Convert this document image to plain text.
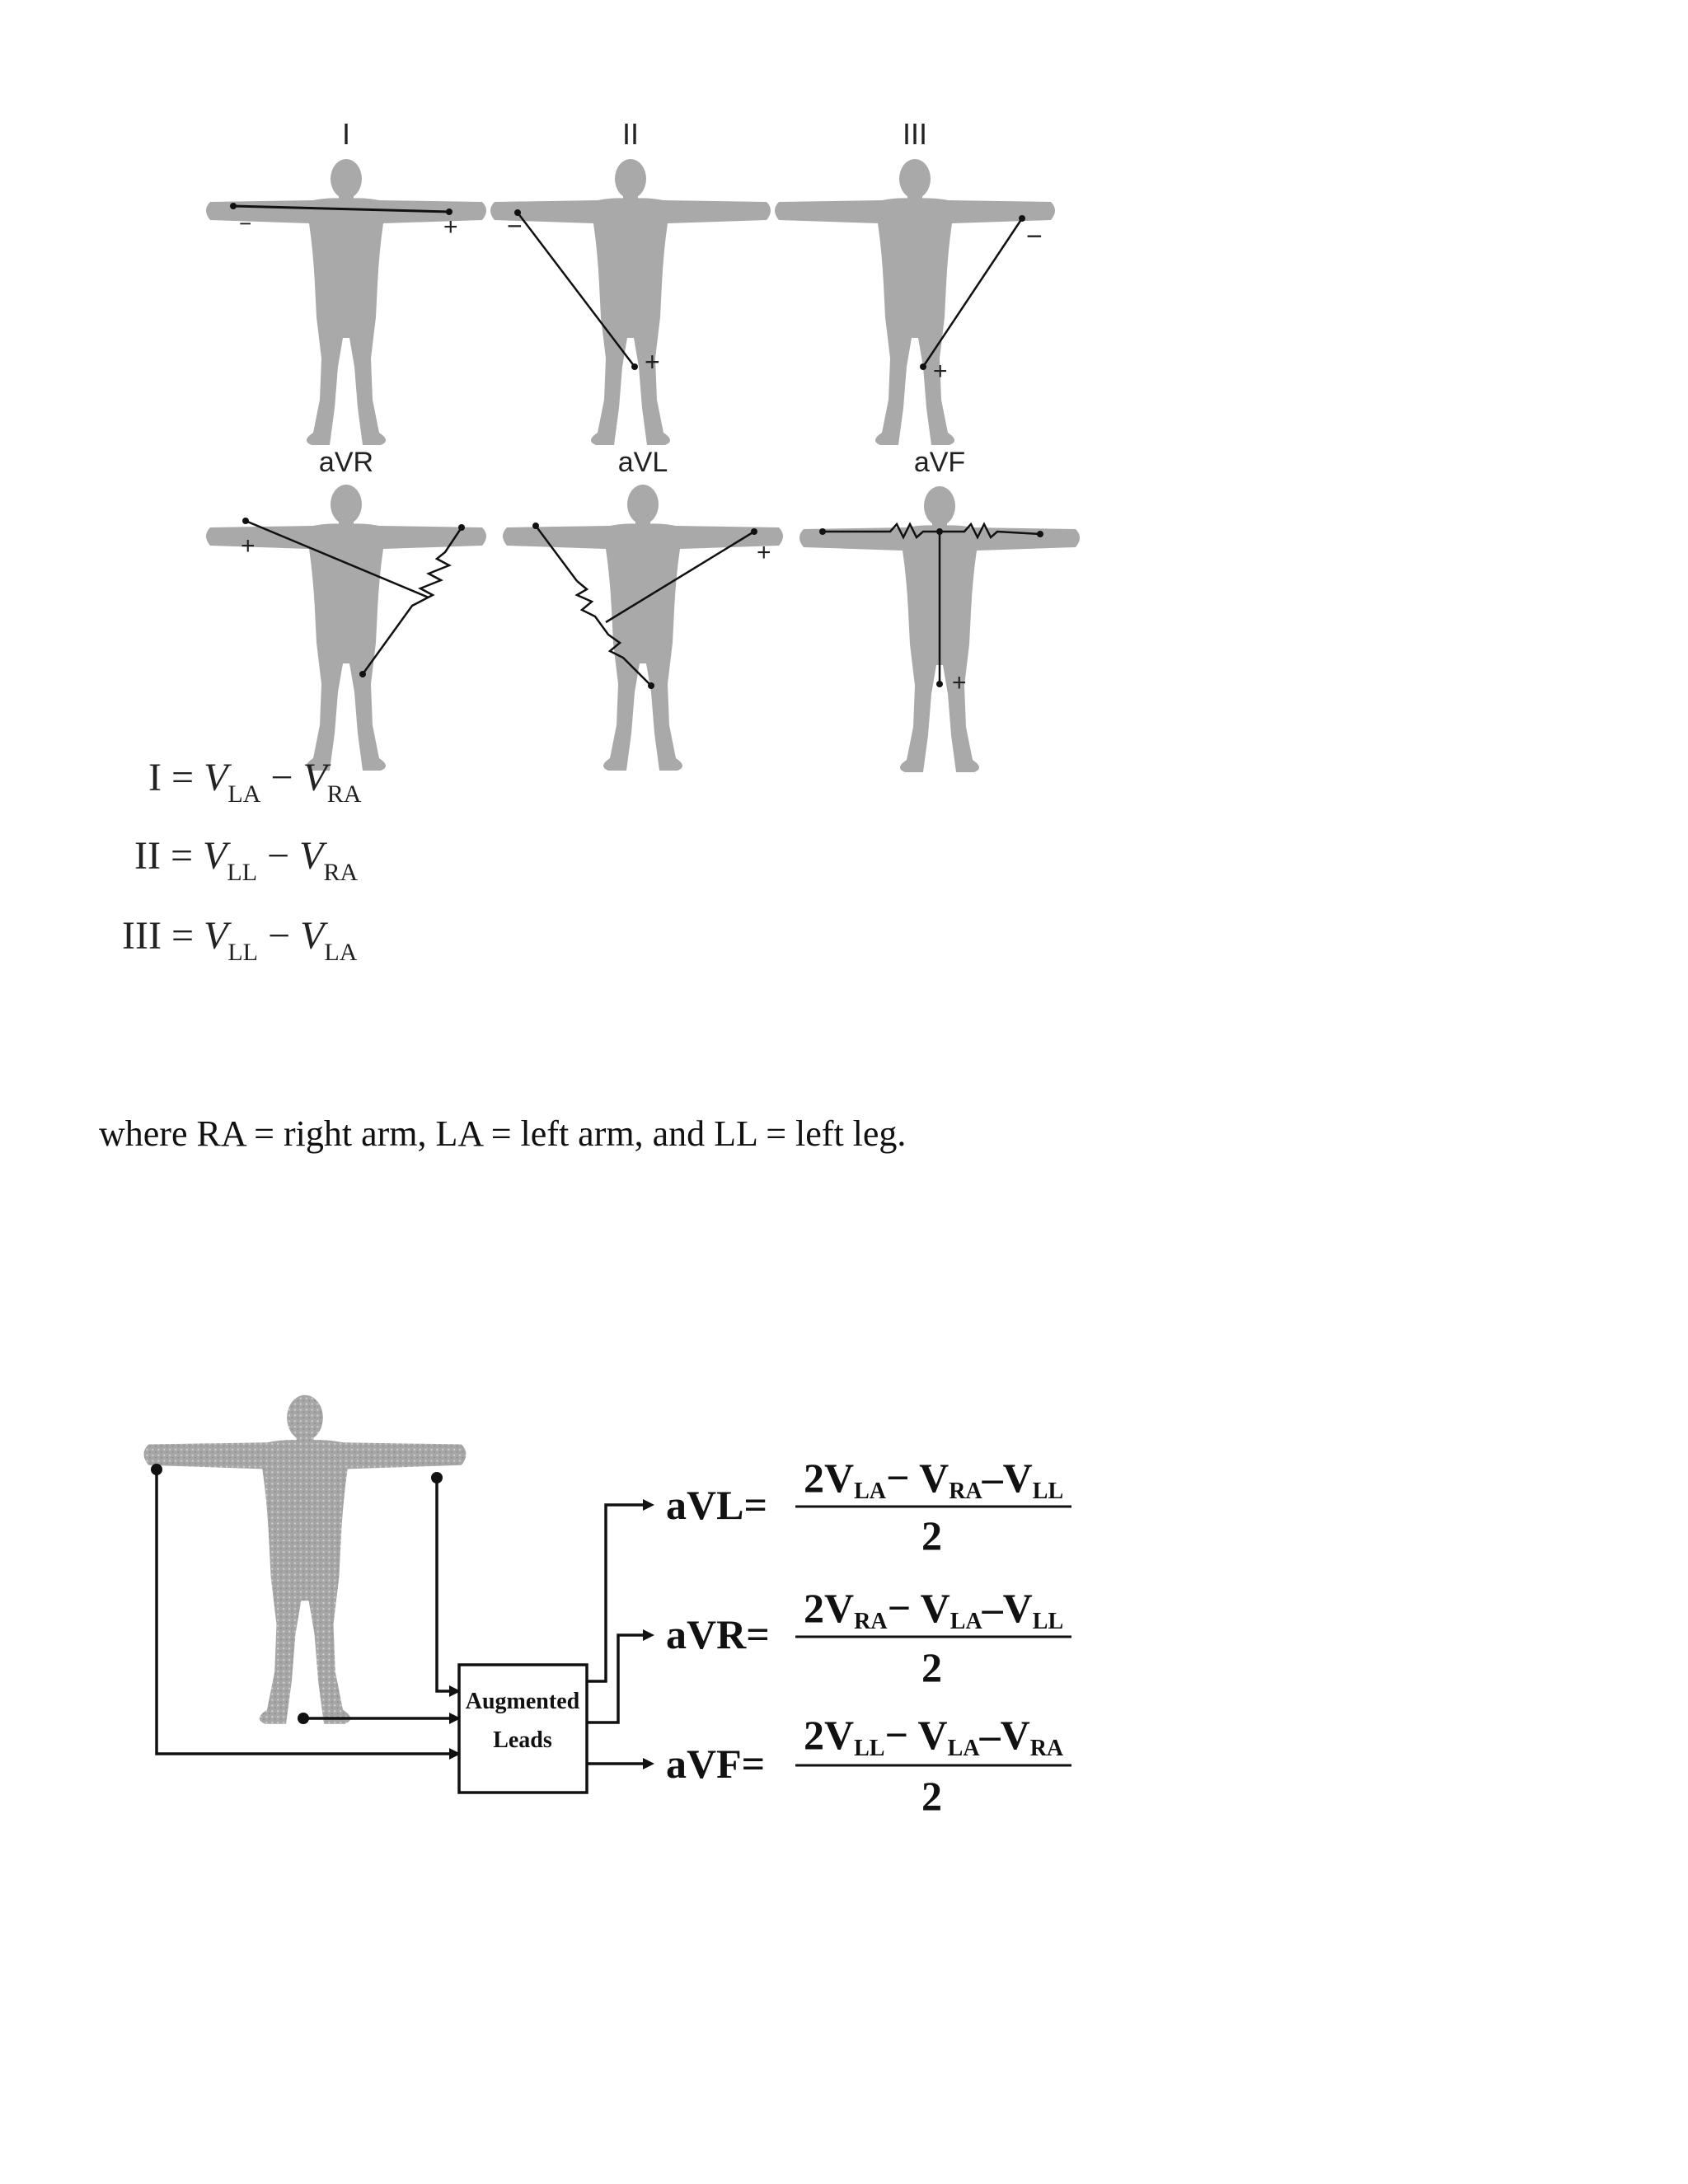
−	+
I
−
+
II
−
+
III
+
aVR
+
aVL
+
aVF
Augmented
Leads
aVL=
2VLA− VRA–VLL
2
aVR=
2VRA− VLA–VLL
2
aVF=
2VLL− VLA–VRA
2
$I = V_{LA} - V_{RA}$
II = $V_{LL} - V_{RA}$
III = $V_{LL} - V_{LA}$
where RA = right arm, LA = left arm, and LL = left leg.
